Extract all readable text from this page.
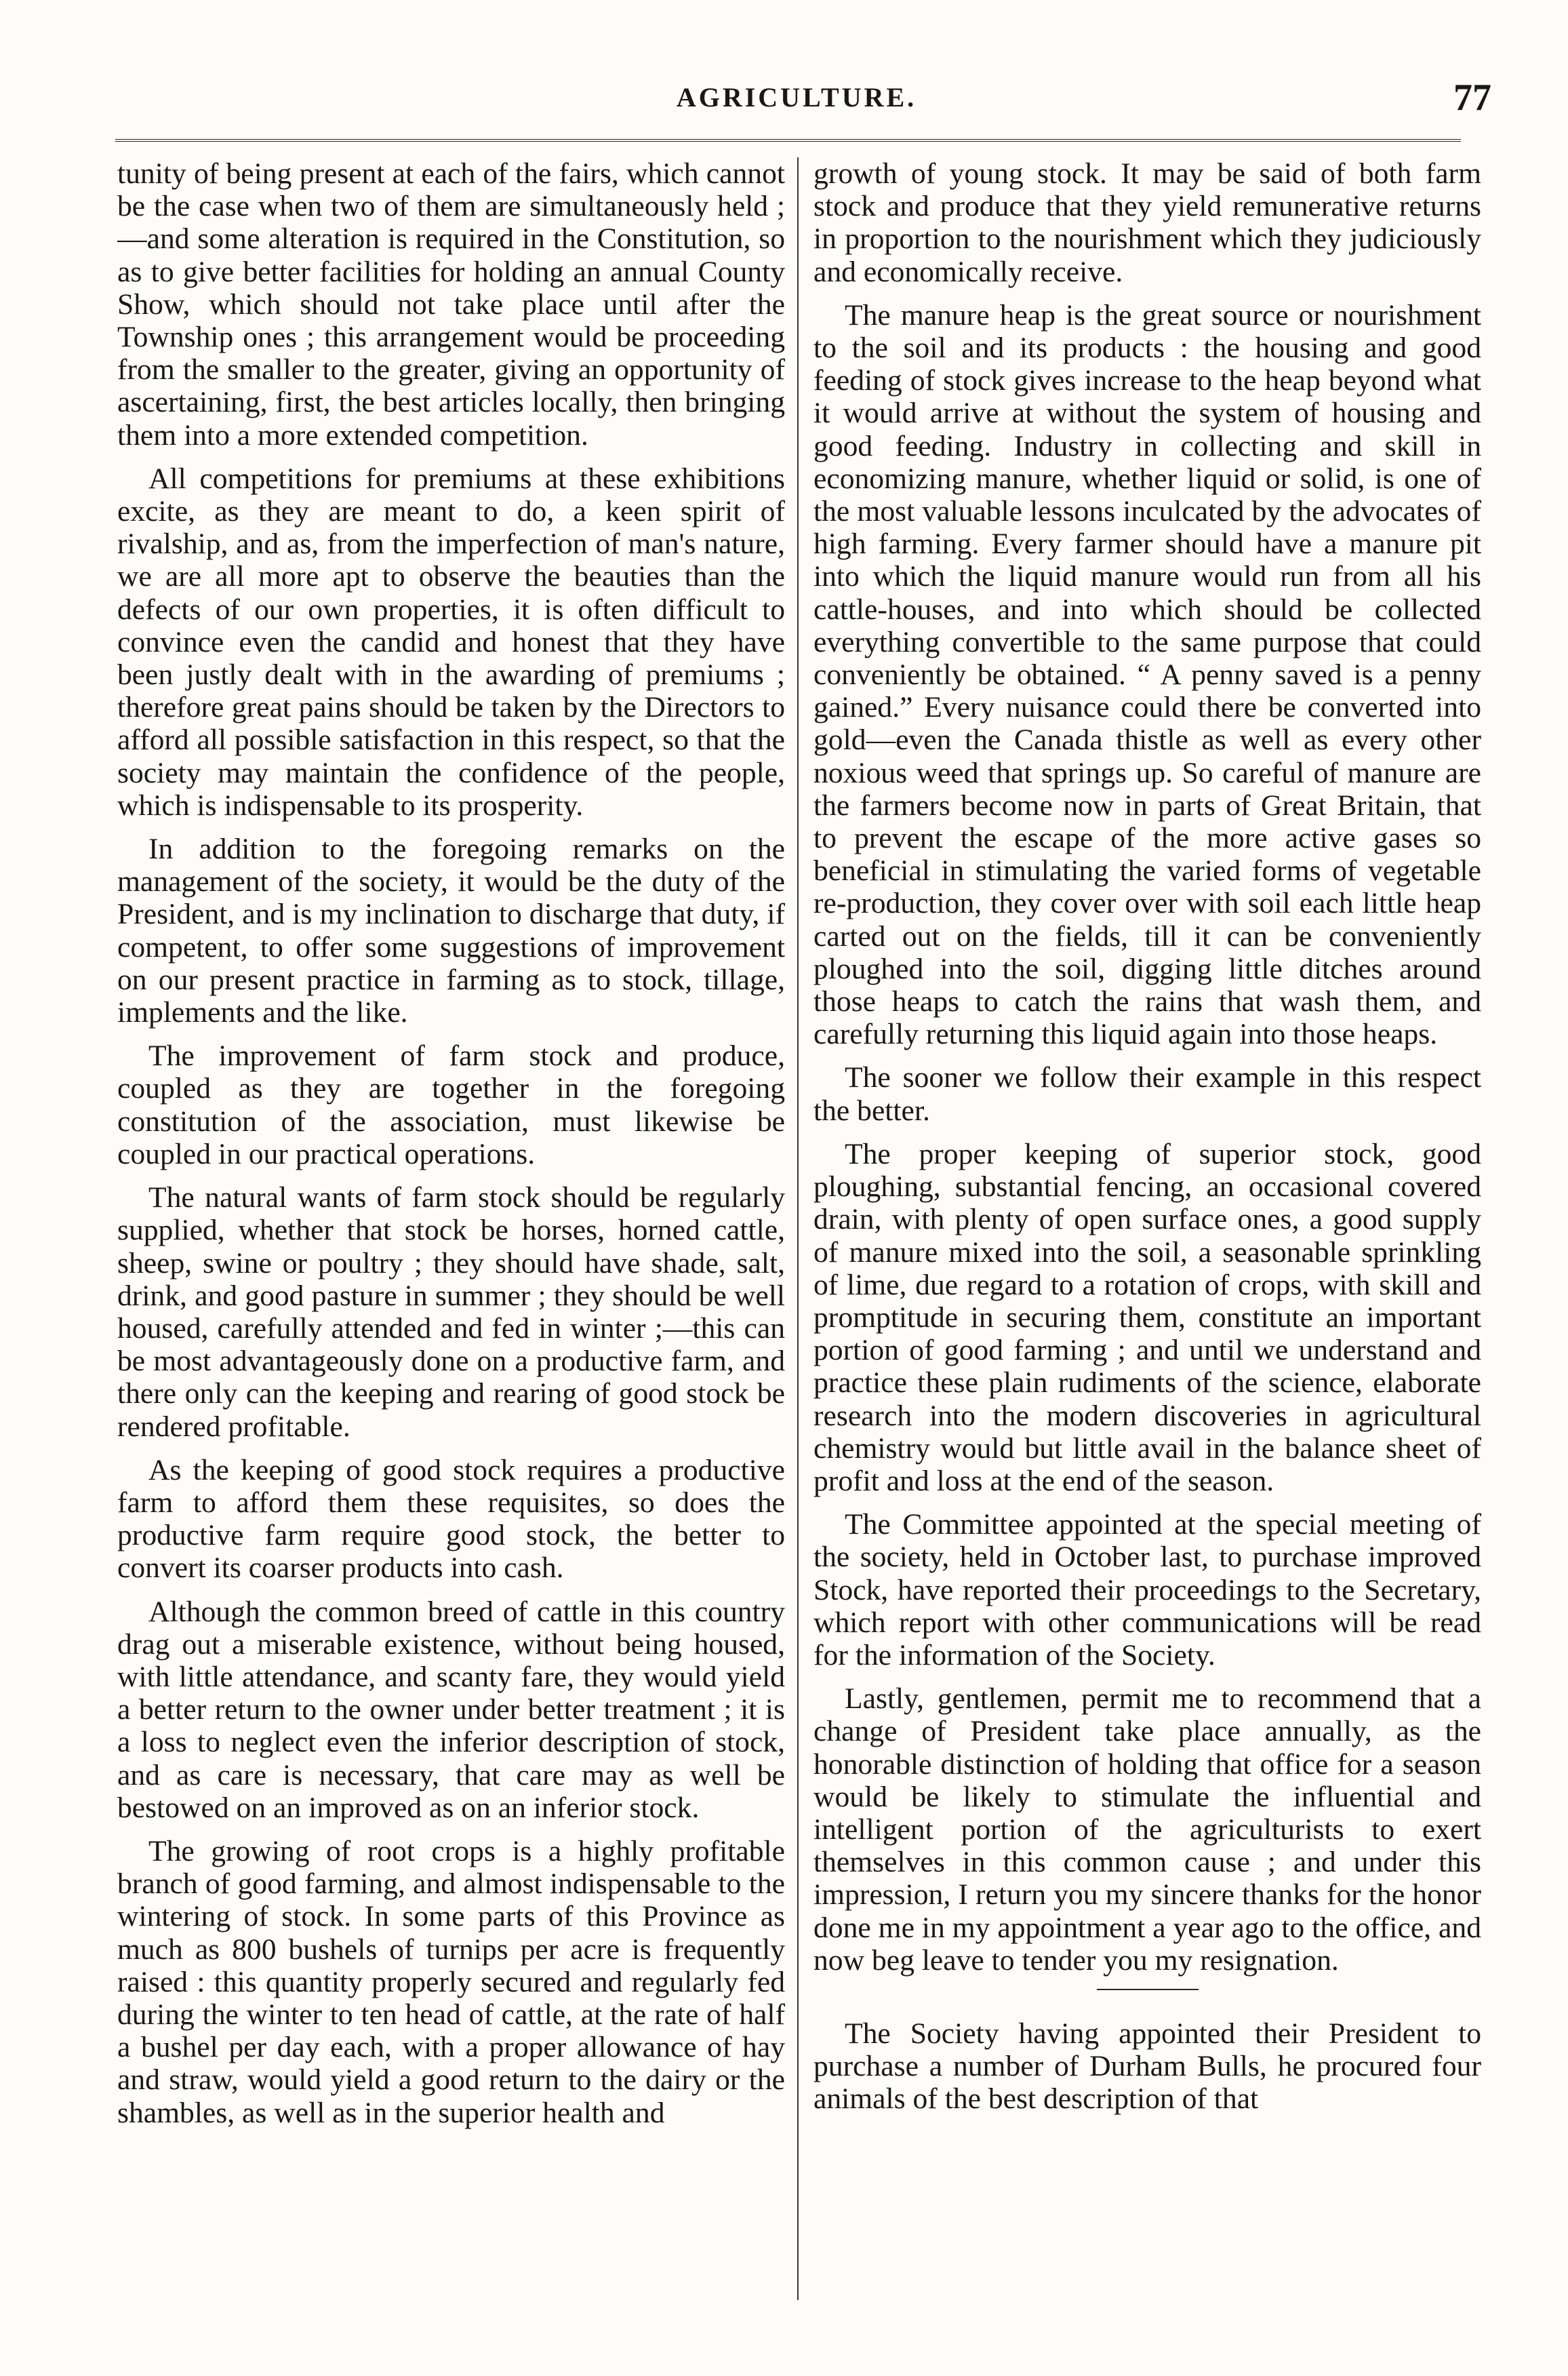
AGRICULTURE.	77

tunity of being present at each of the fairs, which cannot be the case when two of them are simultaneously held ;—and some alteration is required in the Constitution, so as to give better facilities for holding an annual County Show, which should not take place until after the Township ones ; this arrangement would be proceeding from the smaller to the greater, giving an opportunity of ascertaining, first, the best articles locally, then bringing them into a more extended competition.

All competitions for premiums at these exhibitions excite, as they are meant to do, a keen spirit of rivalship, and as, from the imperfection of man's nature, we are all more apt to observe the beauties than the defects of our own properties, it is often difficult to convince even the candid and honest that they have been justly dealt with in the awarding of premiums ; therefore great pains should be taken by the Directors to afford all possible satisfaction in this respect, so that the society may maintain the confidence of the people, which is indispensable to its prosperity.

In addition to the foregoing remarks on the management of the society, it would be the duty of the President, and is my inclination to discharge that duty, if competent, to offer some suggestions of improvement on our present practice in farming as to stock, tillage, implements and the like.

The improvement of farm stock and produce, coupled as they are together in the foregoing constitution of the association, must likewise be coupled in our practical operations.

The natural wants of farm stock should be regularly supplied, whether that stock be horses, horned cattle, sheep, swine or poultry ; they should have shade, salt, drink, and good pasture in summer ; they should be well housed, carefully attended and fed in winter ;—this can be most advantageously done on a productive farm, and there only can the keeping and rearing of good stock be rendered profitable.

As the keeping of good stock requires a productive farm to afford them these requisites, so does the productive farm require good stock, the better to convert its coarser products into cash.

Although the common breed of cattle in this country drag out a miserable existence, without being housed, with little attendance, and scanty fare, they would yield a better return to the owner under better treatment ; it is a loss to neglect even the inferior description of stock, and as care is necessary, that care may as well be bestowed on an improved as on an inferior stock.

The growing of root crops is a highly profitable branch of good farming, and almost indispensable to the wintering of stock. In some parts of this Province as much as 800 bushels of turnips per acre is frequently raised : this quantity properly secured and regularly fed during the winter to ten head of cattle, at the rate of half a bushel per day each, with a proper allowance of hay and straw, would yield a good return to the dairy or the shambles, as well as in the superior health and

growth of young stock. It may be said of both farm stock and produce that they yield remunerative returns in proportion to the nourishment which they judiciously and economically receive.

The manure heap is the great source or nourishment to the soil and its products : the housing and good feeding of stock gives increase to the heap beyond what it would arrive at without the system of housing and good feeding. Industry in collecting and skill in economizing manure, whether liquid or solid, is one of the most valuable lessons inculcated by the advocates of high farming. Every farmer should have a manure pit into which the liquid manure would run from all his cattle-houses, and into which should be collected everything convertible to the same purpose that could conveniently be obtained. “ A penny saved is a penny gained.” Every nuisance could there be converted into gold—even the Canada thistle as well as every other noxious weed that springs up. So careful of manure are the farmers become now in parts of Great Britain, that to prevent the escape of the more active gases so beneficial in stimulating the varied forms of vegetable re-production, they cover over with soil each little heap carted out on the fields, till it can be conveniently ploughed into the soil, digging little ditches around those heaps to catch the rains that wash them, and carefully returning this liquid again into those heaps.

The sooner we follow their example in this respect the better.

The proper keeping of superior stock, good ploughing, substantial fencing, an occasional covered drain, with plenty of open surface ones, a good supply of manure mixed into the soil, a seasonable sprinkling of lime, due regard to a rotation of crops, with skill and promptitude in securing them, constitute an important portion of good farming ; and until we understand and practice these plain rudiments of the science, elaborate research into the modern discoveries in agricultural chemistry would but little avail in the balance sheet of profit and loss at the end of the season.

The Committee appointed at the special meeting of the society, held in October last, to purchase improved Stock, have reported their proceedings to the Secretary, which report with other communications will be read for the information of the Society.

Lastly, gentlemen, permit me to recommend that a change of President take place annually, as the honorable distinction of holding that office for a season would be likely to stimulate the influential and intelligent portion of the agriculturists to exert themselves in this common cause ; and under this impression, I return you my sincere thanks for the honor done me in my appointment a year ago to the office, and now beg leave to tender you my resignation.

The Society having appointed their President to purchase a number of Durham Bulls, he procured four animals of the best description of that
